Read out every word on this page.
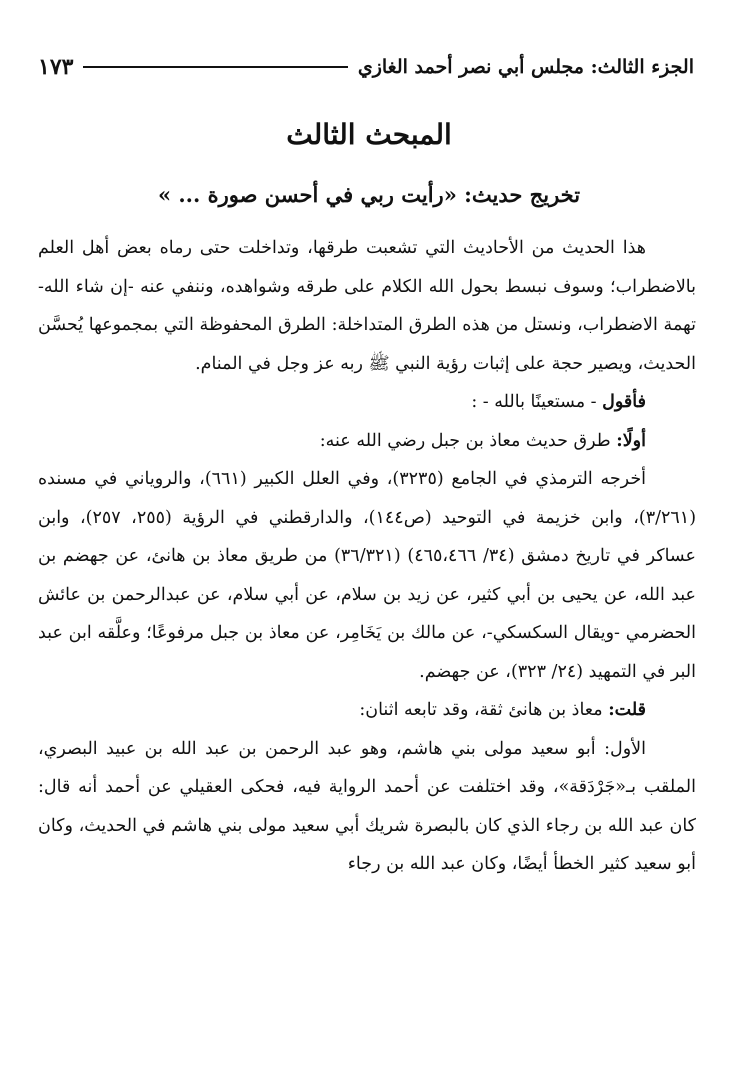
الجزء الثالث: مجلس أبي نصر أحمد الغازي
١٧٣
المبحث الثالث
تخريج حديث: «رأيت ربي في أحسن صورة ... »

هذا الحديث من الأحاديث التي تشعبت طرقها، وتداخلت حتى رماه بعض أهل العلم بالاضطراب؛ وسوف نبسط بحول الله الكلام على طرقه وشواهده، وننفي عنه -إن شاء الله- تهمة الاضطراب، ونستل من هذه الطرق المتداخلة: الطرق المحفوظة التي بمجموعها يُحسَّن الحديث، ويصير حجة على إثبات رؤية النبي ﷺ ربه عز وجل في المنام.

فأقول - مستعينًا بالله - :

أولًا: طرق حديث معاذ بن جبل رضي الله عنه:

أخرجه الترمذي في الجامع (٣٢٣٥)، وفي العلل الكبير (٦٦١)، والروياني في مسنده (٣/٢٦١)، وابن خزيمة في التوحيد (ص١٤٤)، والدارقطني في الرؤية (٢٥٥، ٢٥٧)، وابن عساكر في تاريخ دمشق (٣٤/ ٤٦٥،٤٦٦) (٣٦/٣٢١) من طريق معاذ بن هانئ، عن جهضم بن عبد الله، عن يحيى بن أبي كثير، عن زيد بن سلام، عن أبي سلام، عن عبدالرحمن بن عائش الحضرمي -ويقال السكسكي-، عن مالك بن يَخَامِر، عن معاذ بن جبل مرفوعًا؛ وعلَّقه ابن عبد البر في التمهيد (٢٤/ ٣٢٣)، عن جهضم.

قلت: معاذ بن هانئ ثقة، وقد تابعه اثنان:

الأول: أبو سعيد مولى بني هاشم، وهو عبد الرحمن بن عبد الله بن عبيد البصري، الملقب بـ«جَرْدَقة»، وقد اختلفت عن أحمد الرواية فيه، فحكى العقيلي عن أحمد أنه قال: كان عبد الله بن رجاء الذي كان بالبصرة شريك أبي سعيد مولى بني هاشم في الحديث، وكان أبو سعيد كثير الخطأ أيضًا، وكان عبد الله بن رجاء
